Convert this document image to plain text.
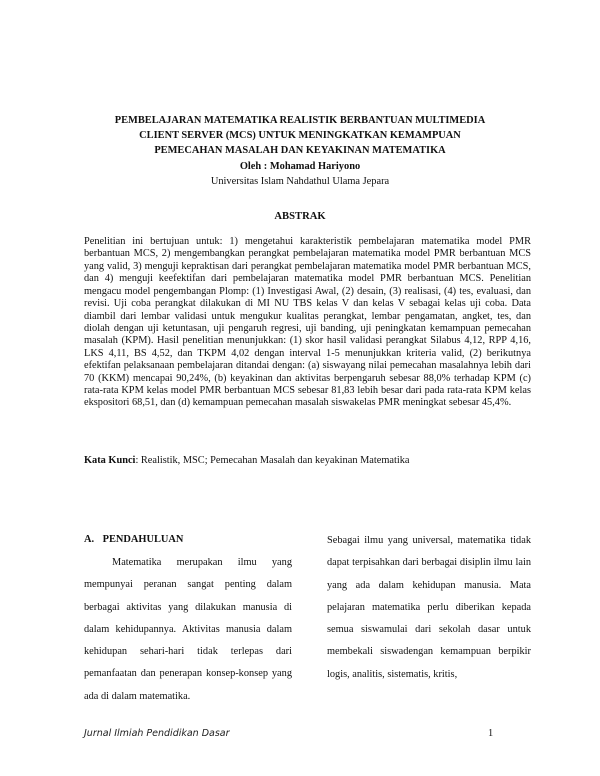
PEMBELAJARAN MATEMATIKA REALISTIK BERBANTUAN MULTIMEDIA
CLIENT SERVER (MCS) UNTUK MENINGKATKAN KEMAMPUAN
PEMECAHAN MASALAH DAN KEYAKINAN MATEMATIKA

Oleh : Mohamad Hariyono

Universitas Islam Nahdathul Ulama Jepara

ABSTRAK

Penelitian ini bertujuan untuk: 1) mengetahui karakteristik pembelajaran matematika model PMR berbantuan MCS, 2) mengembangkan perangkat pembelajaran matematika model PMR berbantuan MCS yang valid, 3) menguji kepraktisan dari perangkat pembelajaran matematika model PMR berbantuan MCS, dan 4) menguji keefektifan dari pembelajaran matematika model PMR berbantuan MCS. Penelitian mengacu model pengembangan Plomp: (1) Investigasi Awal, (2) desain, (3) realisasi, (4) tes, evaluasi, dan revisi. Uji coba perangkat dilakukan di MI NU TBS kelas V dan kelas V sebagai kelas uji coba. Data diambil dari lembar validasi untuk mengukur kualitas perangkat, lembar pengamatan, angket, tes, dan diolah dengan uji ketuntasan, uji pengaruh regresi, uji banding, uji peningkatan kemampuan pemecahan masalah (KPM). Hasil penelitian menunjukkan: (1) skor hasil validasi perangkat Silabus 4,12, RPP 4,16, LKS 4,11, BS 4,52, dan TKPM 4,02 dengan interval 1-5 menunjukkan kriteria valid, (2) berikutnya efektifan pelaksanaan pembelajaran ditandai dengan: (a) siswayang nilai pemecahan masalahnya lebih dari 70 (KKM) mencapai 90,24%, (b) keyakinan dan aktivitas berpengaruh sebesar 88,0% terhadap KPM (c) rata-rata KPM kelas model PMR berbantuan MCS sebesar 81,83 lebih besar dari pada rata-rata KPM kelas ekspositori 68,51, dan (d) kemampuan pemecahan masalah siswakelas PMR meningkat sebesar 45,4%.

Kata Kunci: Realistik, MSC; Pemecahan Masalah dan keyakinan Matematika

A. PENDAHULUAN

Matematika merupakan ilmu yang mempunyai peranan sangat penting dalam berbagai aktivitas yang dilakukan manusia di dalam kehidupannya. Aktivitas manusia dalam kehidupan sehari-hari tidak terlepas dari pemanfaatan dan penerapan konsep-konsep yang ada di dalam matematika.

Sebagai ilmu yang universal, matematika tidak dapat terpisahkan dari berbagai disiplin ilmu lain yang ada dalam kehidupan manusia. Mata pelajaran matematika perlu diberikan kepada semua siswamulai dari sekolah dasar untuk membekali siswadengan kemampuan berpikir logis, analitis, sistematis, kritis,

Jurnal Ilmiah Pendidikan Dasar	1
